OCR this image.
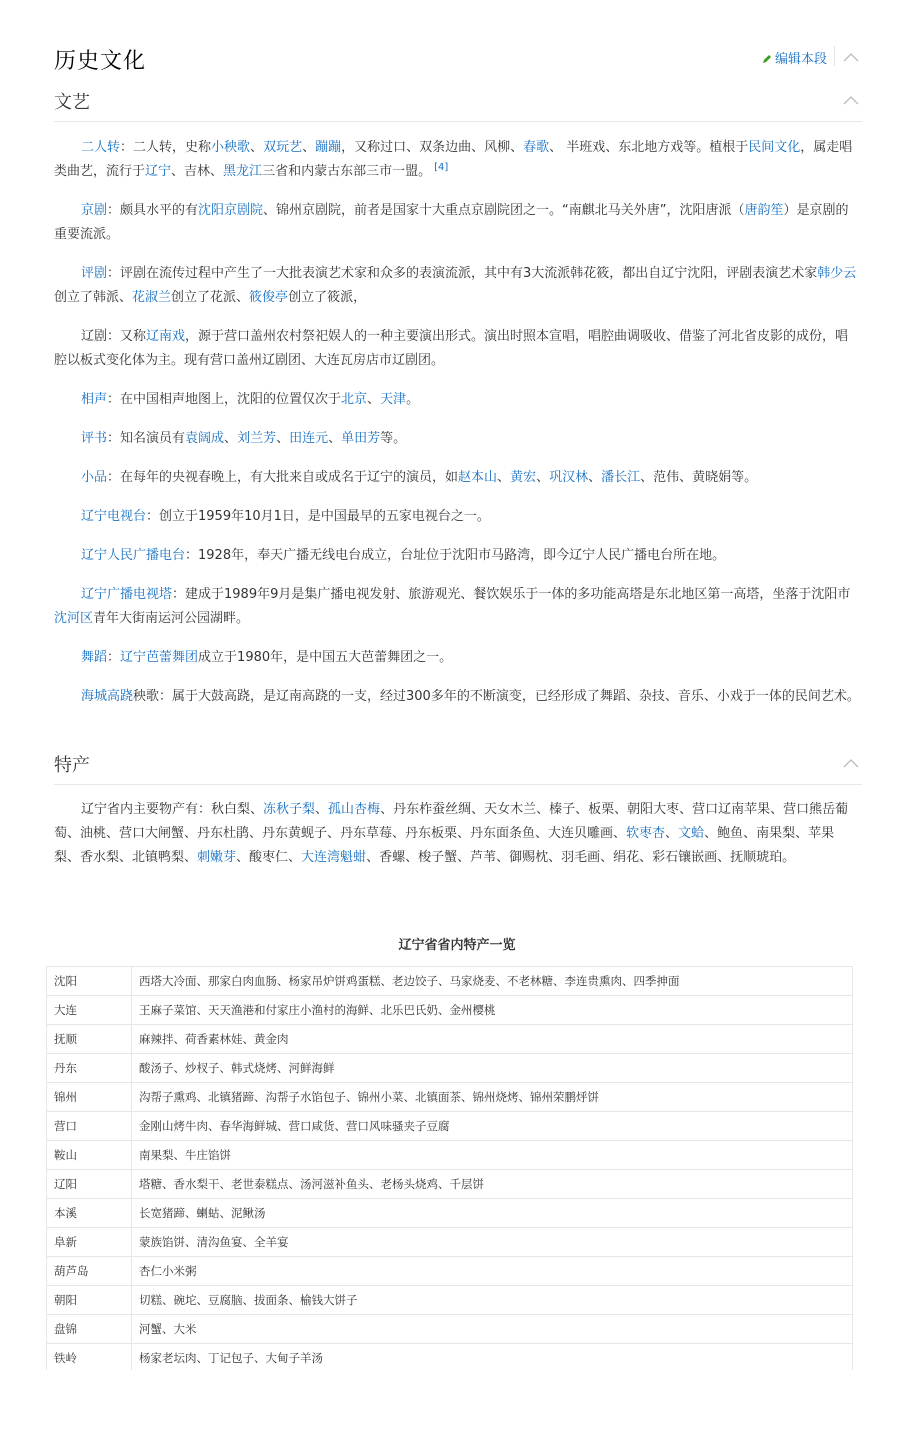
历史文化	编辑本段
文艺
二人转：二人转，史称小秧歌、双玩艺、蹦蹦，又称过口、双条边曲、风柳、春歌、 半班戏、东北地方戏等。植根于民间文化，属走唱类曲艺，流行于辽宁、吉林、黑龙江三省和内蒙古东部三市一盟。 [4]
京剧：颇具水平的有沈阳京剧院、锦州京剧院，前者是国家十大重点京剧院团之一。“南麒北马关外唐”，沈阳唐派（唐韵笙）是京剧的重要流派。
评剧：评剧在流传过程中产生了一大批表演艺术家和众多的表演流派，其中有3大流派韩花筱，都出自辽宁沈阳，评剧表演艺术家韩少云创立了韩派、花淑兰创立了花派、筱俊亭创立了筱派，
辽剧：又称辽南戏，源于营口盖州农村祭祀娱人的一种主要演出形式。演出时照本宣唱，唱腔曲调吸收、借鉴了河北省皮影的成份，唱腔以板式变化体为主。现有营口盖州辽剧团、大连瓦房店市辽剧团。
相声：在中国相声地图上，沈阳的位置仅次于北京、天津。
评书：知名演员有袁阔成、刘兰芳、田连元、单田芳等。
小品：在每年的央视春晚上，有大批来自或成名于辽宁的演员，如赵本山、黄宏、巩汉林、潘长江、范伟、黄晓娟等。
辽宁电视台：创立于1959年10月1日，是中国最早的五家电视台之一。
辽宁人民广播电台：1928年，奉天广播无线电台成立，台址位于沈阳市马路湾，即今辽宁人民广播电台所在地。
辽宁广播电视塔：建成于1989年9月是集广播电视发射、旅游观光、餐饮娱乐于一体的多功能高塔是东北地区第一高塔，坐落于沈阳市沈河区青年大街南运河公园湖畔。
舞蹈：辽宁芭蕾舞团成立于1980年，是中国五大芭蕾舞团之一。
海城高跷秧歌：属于大鼓高跷，是辽南高跷的一支，经过300多年的不断演变，已经形成了舞蹈、杂技、音乐、小戏于一体的民间艺术。
特产
辽宁省内主要物产有：秋白梨、冻秋子梨、孤山杏梅、丹东柞蚕丝绸、天女木兰、榛子、板栗、朝阳大枣、营口辽南苹果、营口熊岳葡萄、油桃、营口大闸蟹、丹东杜鹃、丹东黄蚬子、丹东草莓、丹东板栗、丹东面条鱼、大连贝雕画、软枣杏、文蛤、鲍鱼、南果梨、苹果梨、香水梨、北镇鸭梨、刺嫩芽、酸枣仁、大连湾魁蚶、香螺、梭子蟹、芦苇、御赐枕、羽毛画、绢花、彩石镶嵌画、抚顺琥珀。
辽宁省省内特产一览
沈阳	西塔大冷面、那家白肉血肠、杨家吊炉饼鸡蛋糕、老边饺子、马家烧麦、不老林糖、李连贵熏肉、四季抻面
大连	王麻子菜馆、天天渔港和付家庄小渔村的海鲜、北乐巴氏奶、金州樱桃
抚顺	麻辣拌、荷香素林娃、黄金肉
丹东	酸汤子、炒杈子、韩式烧烤、河鲜海鲜
锦州	沟帮子熏鸡、北镇猪蹄、沟帮子水馅包子、锦州小菜、北镇面茶、锦州烧烤、锦州荣鹏烀饼
营口	金刚山烤牛肉、春华海鲜城、营口咸货、营口风味骚夹子豆腐
鞍山	南果梨、牛庄馅饼
辽阳	塔糖、香水梨干、老世泰糕点、汤河滋补鱼头、老杨头烧鸡、千层饼
本溪	长宽猪蹄、蝲蛄、泥鳅汤
阜新	蒙族馅饼、清沟鱼宴、全羊宴
葫芦岛	杏仁小米粥
朝阳	切糕、碗坨、豆腐脑、拔面条、榆钱大饼子
盘锦	河蟹、大米
铁岭	杨家老坛肉、丁记包子、大甸子羊汤
